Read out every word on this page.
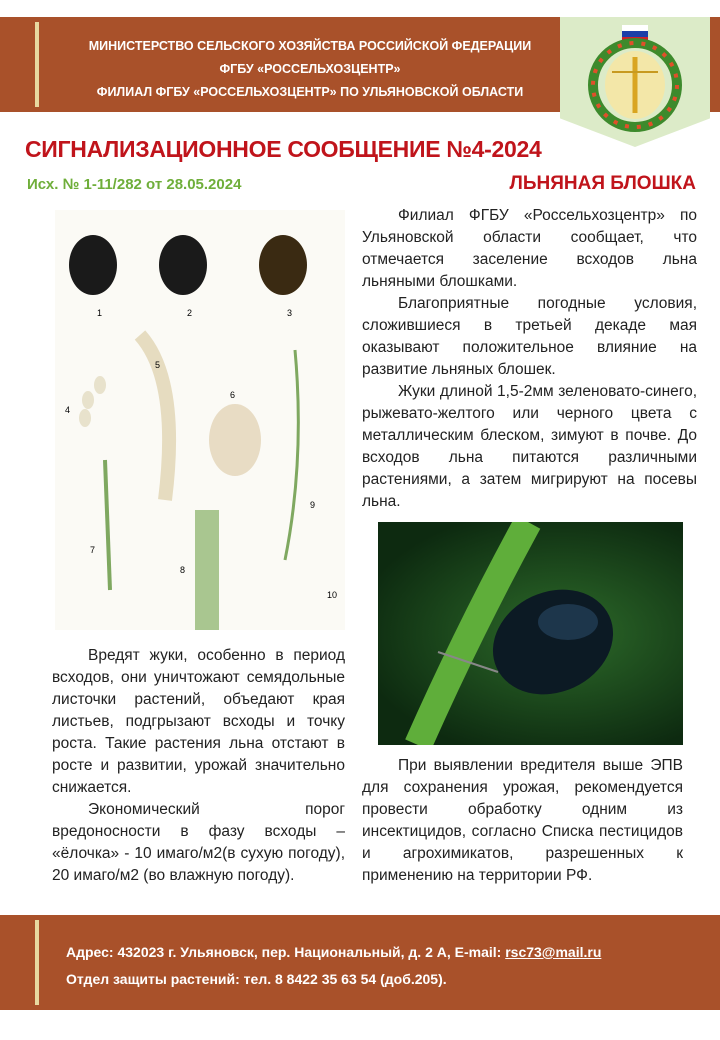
МИНИСТЕРСТВО СЕЛЬСКОГО ХОЗЯЙСТВА РОССИЙСКОЙ ФЕДЕРАЦИИ
ФГБУ «РОССЕЛЬХОЗЦЕНТР»
ФИЛИАЛ ФГБУ «РОССЕЛЬХОЗЦЕНТР» ПО УЛЬЯНОВСКОЙ ОБЛАСТИ
СИГНАЛИЗАЦИОННОЕ СООБЩЕНИЕ №4-2024
Исх. № 1-11/282 от 28.05.2024	ЛЬНЯНАЯ БЛОШКА
1	2	3
4
5
6
7
8
9
10

Филиал ФГБУ «Россельхозцентр» по Ульяновской области сообщает, что отмечается заселение всходов льна льняными блошками.

Благоприятные погодные условия, сложившиеся в третьей декаде мая оказывают положительное влияние на развитие льняных блошек.

Жуки длиной 1,5-2мм зеленовато-синего, рыжевато-желтого или черного цвета с металлическим блеском, зимуют в почве. До всходов льна питаются различными растениями, а затем мигрируют на посевы льна.

Вредят жуки, особенно в период всходов, они уничтожают семядольные листочки растений, объедают края листьев, подгрызают всходы и точку роста. Такие растения льна отстают в росте и развитии, урожай значительно снижается.

Экономический порог вредоносности в фазу всходы – «ёлочка» - 10 имаго/м2(в сухую погоду), 20 имаго/м2 (во влажную погоду).

При выявлении вредителя выше ЭПВ для сохранения урожая, рекомендуется провести обработку одним из инсектицидов, согласно Списка пестицидов и агрохимикатов, разрешенных к применению на территории РФ.

Адрес: 432023 г. Ульяновск, пер. Национальный, д. 2 А, E-mail: rsc73@mail.ru
Отдел защиты растений: тел. 8 8422 35 63 54 (доб.205).
